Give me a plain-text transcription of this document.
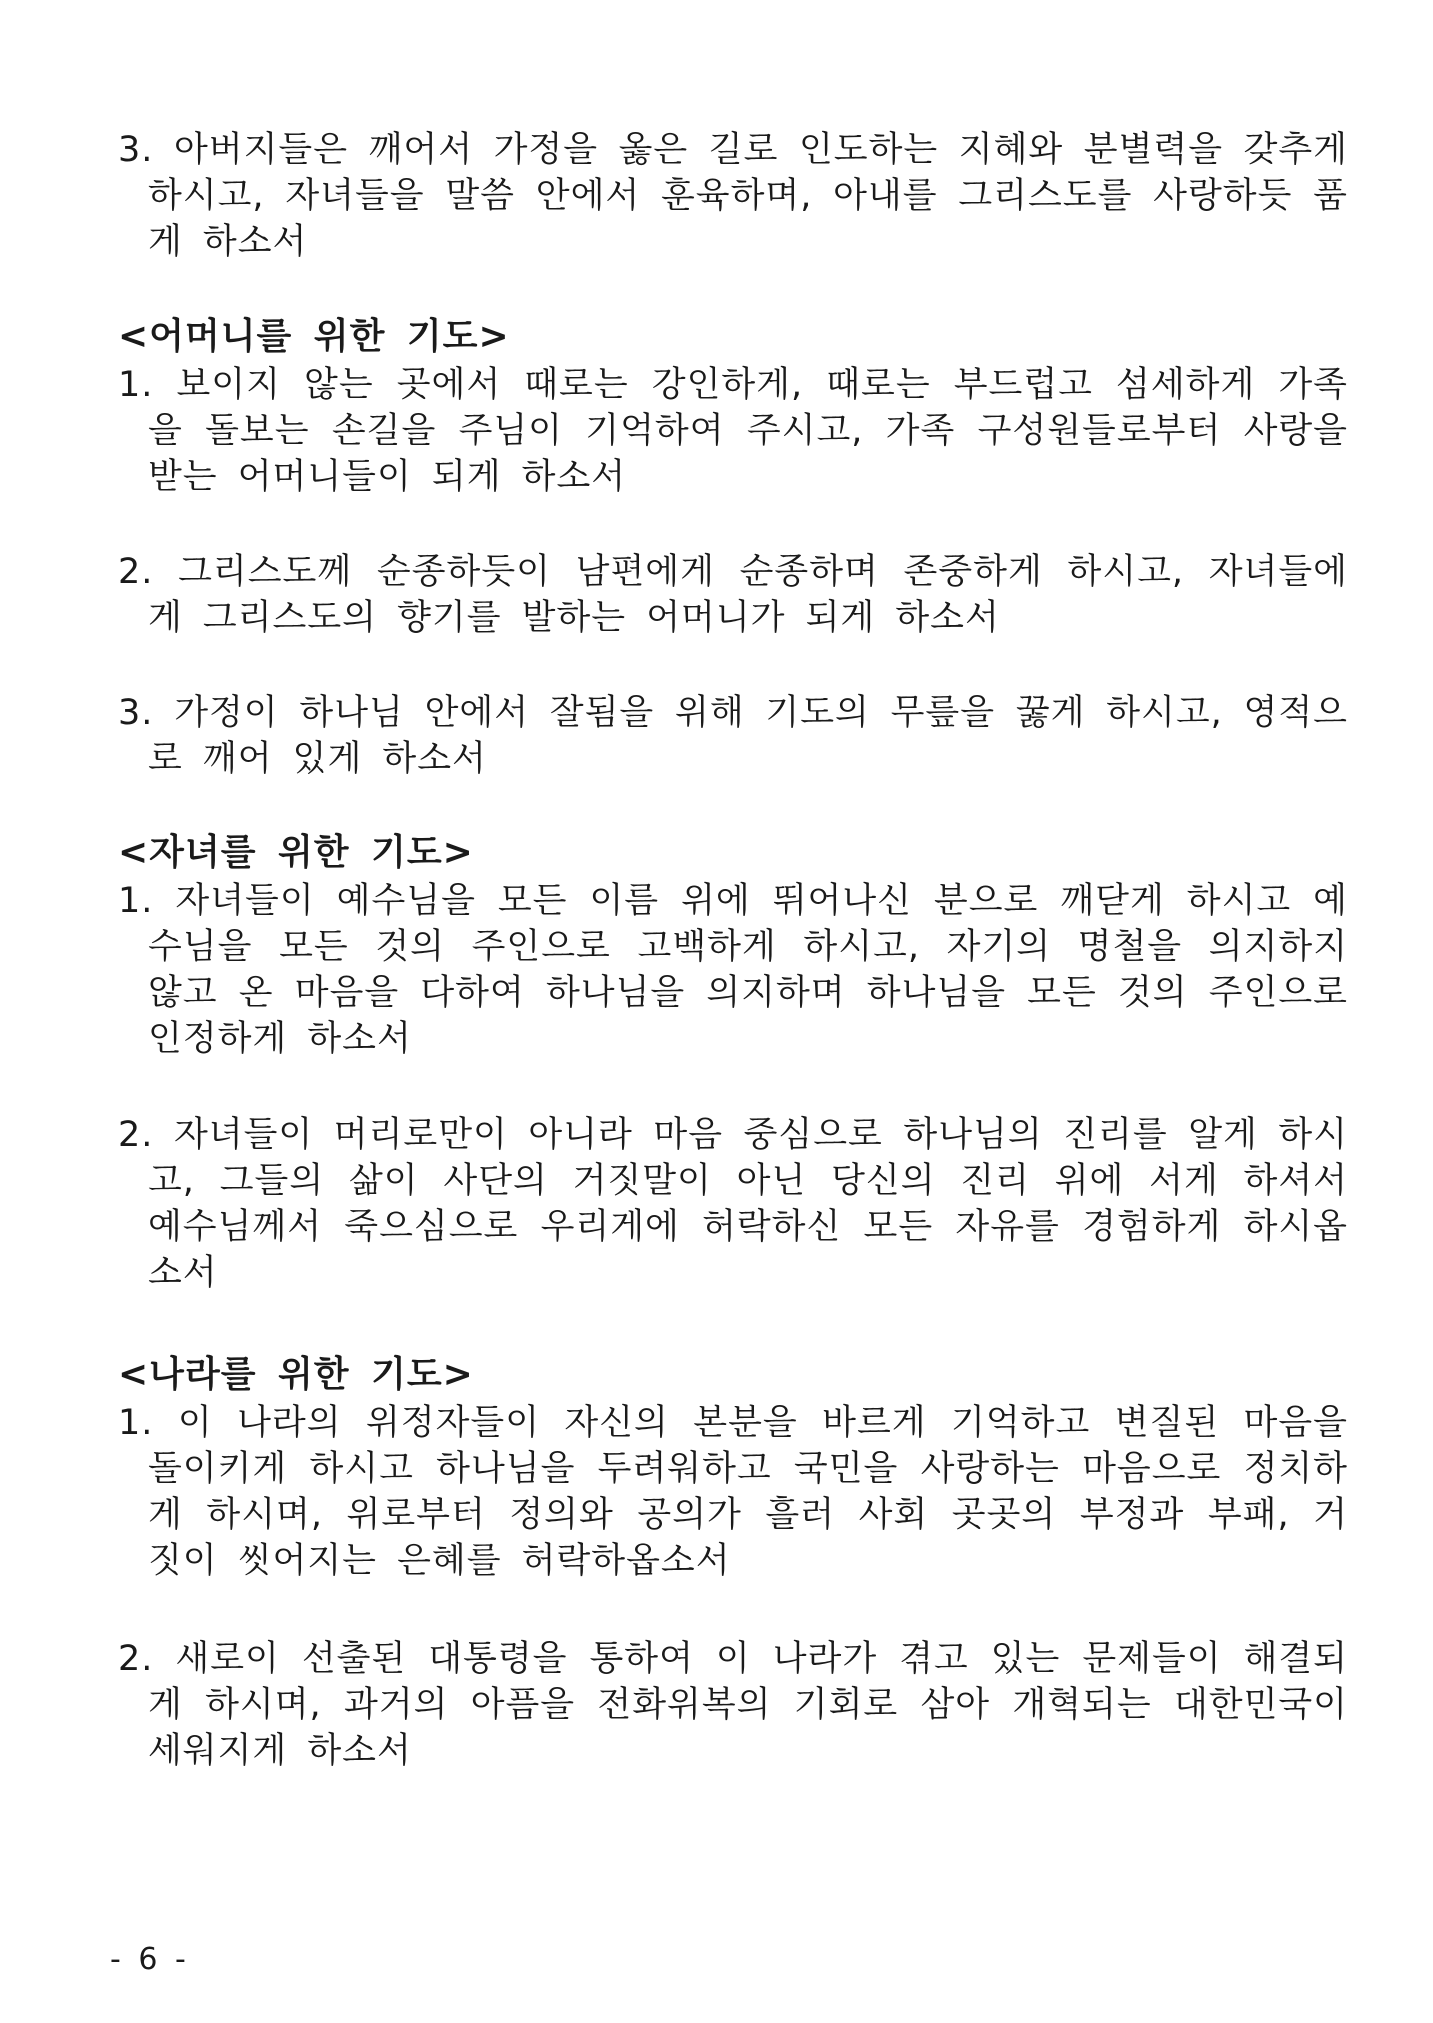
3. 아버지들은 깨어서 가정을 옳은 길로 인도하는 지혜와 분별력을 갖추게 하시고, 자녀들을 말씀 안에서 훈육하며, 아내를 그리스도를 사랑하듯 품게 하소서
<어머니를 위한 기도>
1. 보이지 않는 곳에서 때로는 강인하게, 때로는 부드럽고 섬세하게 가족을 돌보는 손길을 주님이 기억하여 주시고, 가족 구성원들로부터 사랑을 받는 어머니들이 되게 하소서
2. 그리스도께 순종하듯이 남편에게 순종하며 존중하게 하시고, 자녀들에게 그리스도의 향기를 발하는 어머니가 되게 하소서
3. 가정이 하나님 안에서 잘됨을 위해 기도의 무릎을 꿇게 하시고, 영적으로 깨어 있게 하소서
<자녀를 위한 기도>
1. 자녀들이 예수님을 모든 이름 위에 뛰어나신 분으로 깨닫게 하시고 예수님을 모든 것의 주인으로 고백하게 하시고, 자기의 명철을 의지하지 않고 온 마음을 다하여 하나님을 의지하며 하나님을 모든 것의 주인으로 인정하게 하소서
2. 자녀들이 머리로만이 아니라 마음 중심으로 하나님의 진리를 알게 하시고, 그들의 삶이 사단의 거짓말이 아닌 당신의 진리 위에 서게 하셔서 예수님께서 죽으심으로 우리게에 허락하신 모든 자유를 경험하게 하시옵소서
<나라를 위한 기도>
1. 이 나라의 위정자들이 자신의 본분을 바르게 기억하고 변질된 마음을 돌이키게 하시고 하나님을 두려워하고 국민을 사랑하는 마음으로 정치하게 하시며, 위로부터 정의와 공의가 흘러 사회 곳곳의 부정과 부패, 거짓이 씻어지는 은혜를 허락하옵소서
2. 새로이 선출된 대통령을 통하여 이 나라가 겪고 있는 문제들이 해결되게 하시며, 과거의 아픔을 전화위복의 기회로 삼아 개혁되는 대한민국이 세워지게 하소서
- 6 -
